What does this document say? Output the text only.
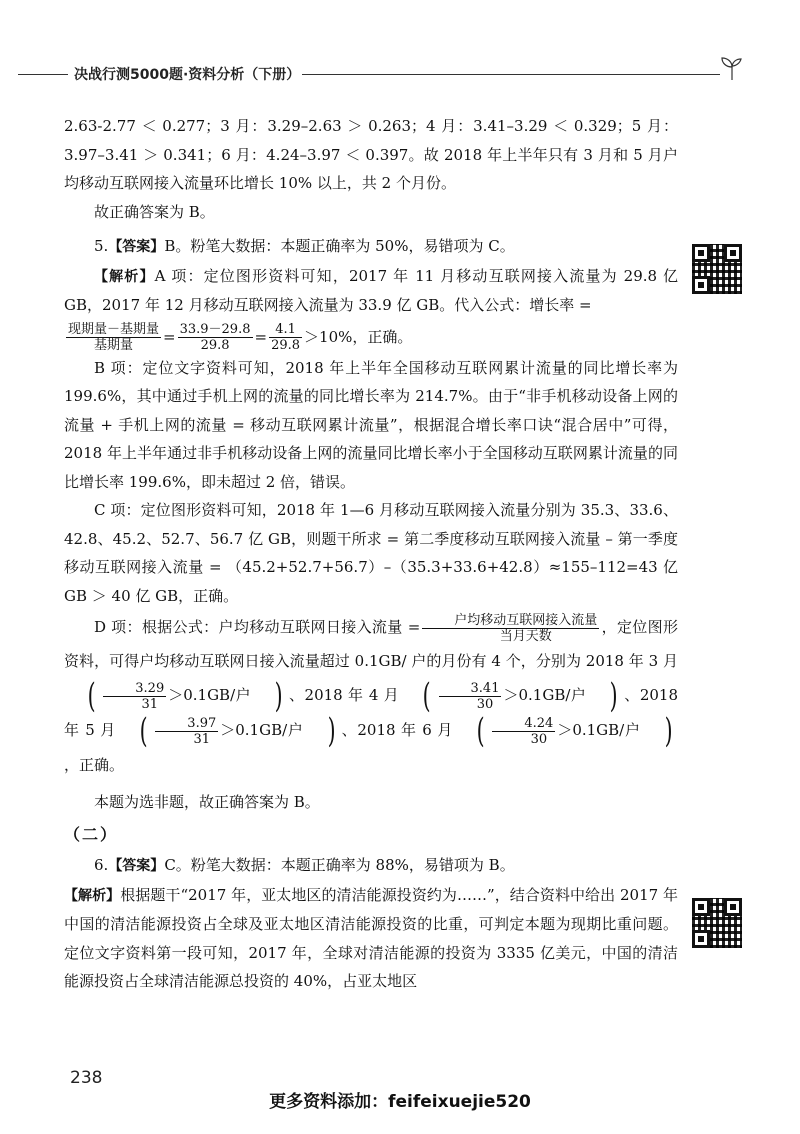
决战行测5000题·资料分析（下册）

2.63-2.77 ＜ 0.277；3 月：3.29–2.63 ＞ 0.263；4 月：3.41–3.29 ＜ 0.329；5 月：3.97–3.41 ＞ 0.341；6 月：4.24–3.97 ＜ 0.397。故 2018 年上半年只有 3 月和 5 月户均移动互联网接入流量环比增长 10% 以上，共 2 个月份。

故正确答案为 B。

5.【答案】B。粉笔大数据：本题正确率为 50%，易错项为 C。

【解析】A 项：定位图形资料可知，2017 年 11 月移动互联网接入流量为 29.8 亿 GB，2017 年 12 月移动互联网接入流量为 33.9 亿 GB。代入公式：增长率 =

$\frac{\text{现期量－基期量}}{\text{基期量}} = \frac{33.9-29.8}{29.8} = \frac{4.1}{29.8} >10\%$，正确。

B 项：定位文字资料可知，2018 年上半年全国移动互联网累计流量的同比增长率为 199.6%，其中通过手机上网的流量的同比增长率为 214.7%。由于“非手机移动设备上网的流量 + 手机上网的流量 = 移动互联网累计流量”，根据混合增长率口诀“混合居中”可得，2018 年上半年通过非手机移动设备上网的流量同比增长率小于全国移动互联网累计流量的同比增长率 199.6%，即未超过 2 倍，错误。

C 项：定位图形资料可知，2018 年 1—6 月移动互联网接入流量分别为 35.3、33.6、42.8、45.2、52.7、56.7 亿 GB，则题干所求 = 第二季度移动互联网接入流量 – 第一季度移动互联网接入流量 = （45.2+52.7+56.7）–（35.3+33.6+42.8）≈155–112=43 亿 GB ＞ 40 亿 GB，正确。

D 项：根据公式：户均移动互联网日接入流量 = $\frac{\text{户均移动互联网接入流量}}{\text{当月天数}}$ ，定位图形资料，可得户均移动互联网日接入流量超过 0.1GB/ 户的月份有 4 个，分别为 2018 年 3 月( $\frac{3.29}{31} >0.1GB/$户 ) 、2018 年 4 月 ( $\frac{3.41}{30} >0.1GB/$户 ) 、2018 年 5 月 ( $\frac{3.97}{31} >0.1GB/$户 ) 、2018 年 6 月 ( $\frac{4.24}{30} >0.1GB/$户 )，正确。

本题为选非题，故正确答案为 B。

（二）

6.【答案】C。粉笔大数据：本题正确率为 88%，易错项为 B。

【解析】根据题干“2017 年，亚太地区的清洁能源投资约为……”，结合资料中给出 2017 年中国的清洁能源投资占全球及亚太地区清洁能源投资的比重，可判定本题为现期比重问题。定位文字资料第一段可知，2017 年，全球对清洁能源的投资为 3335 亿美元，中国的清洁能源投资占全球清洁能源总投资的 40%，占亚太地区

238
更多资料添加：feifeixuejie520
